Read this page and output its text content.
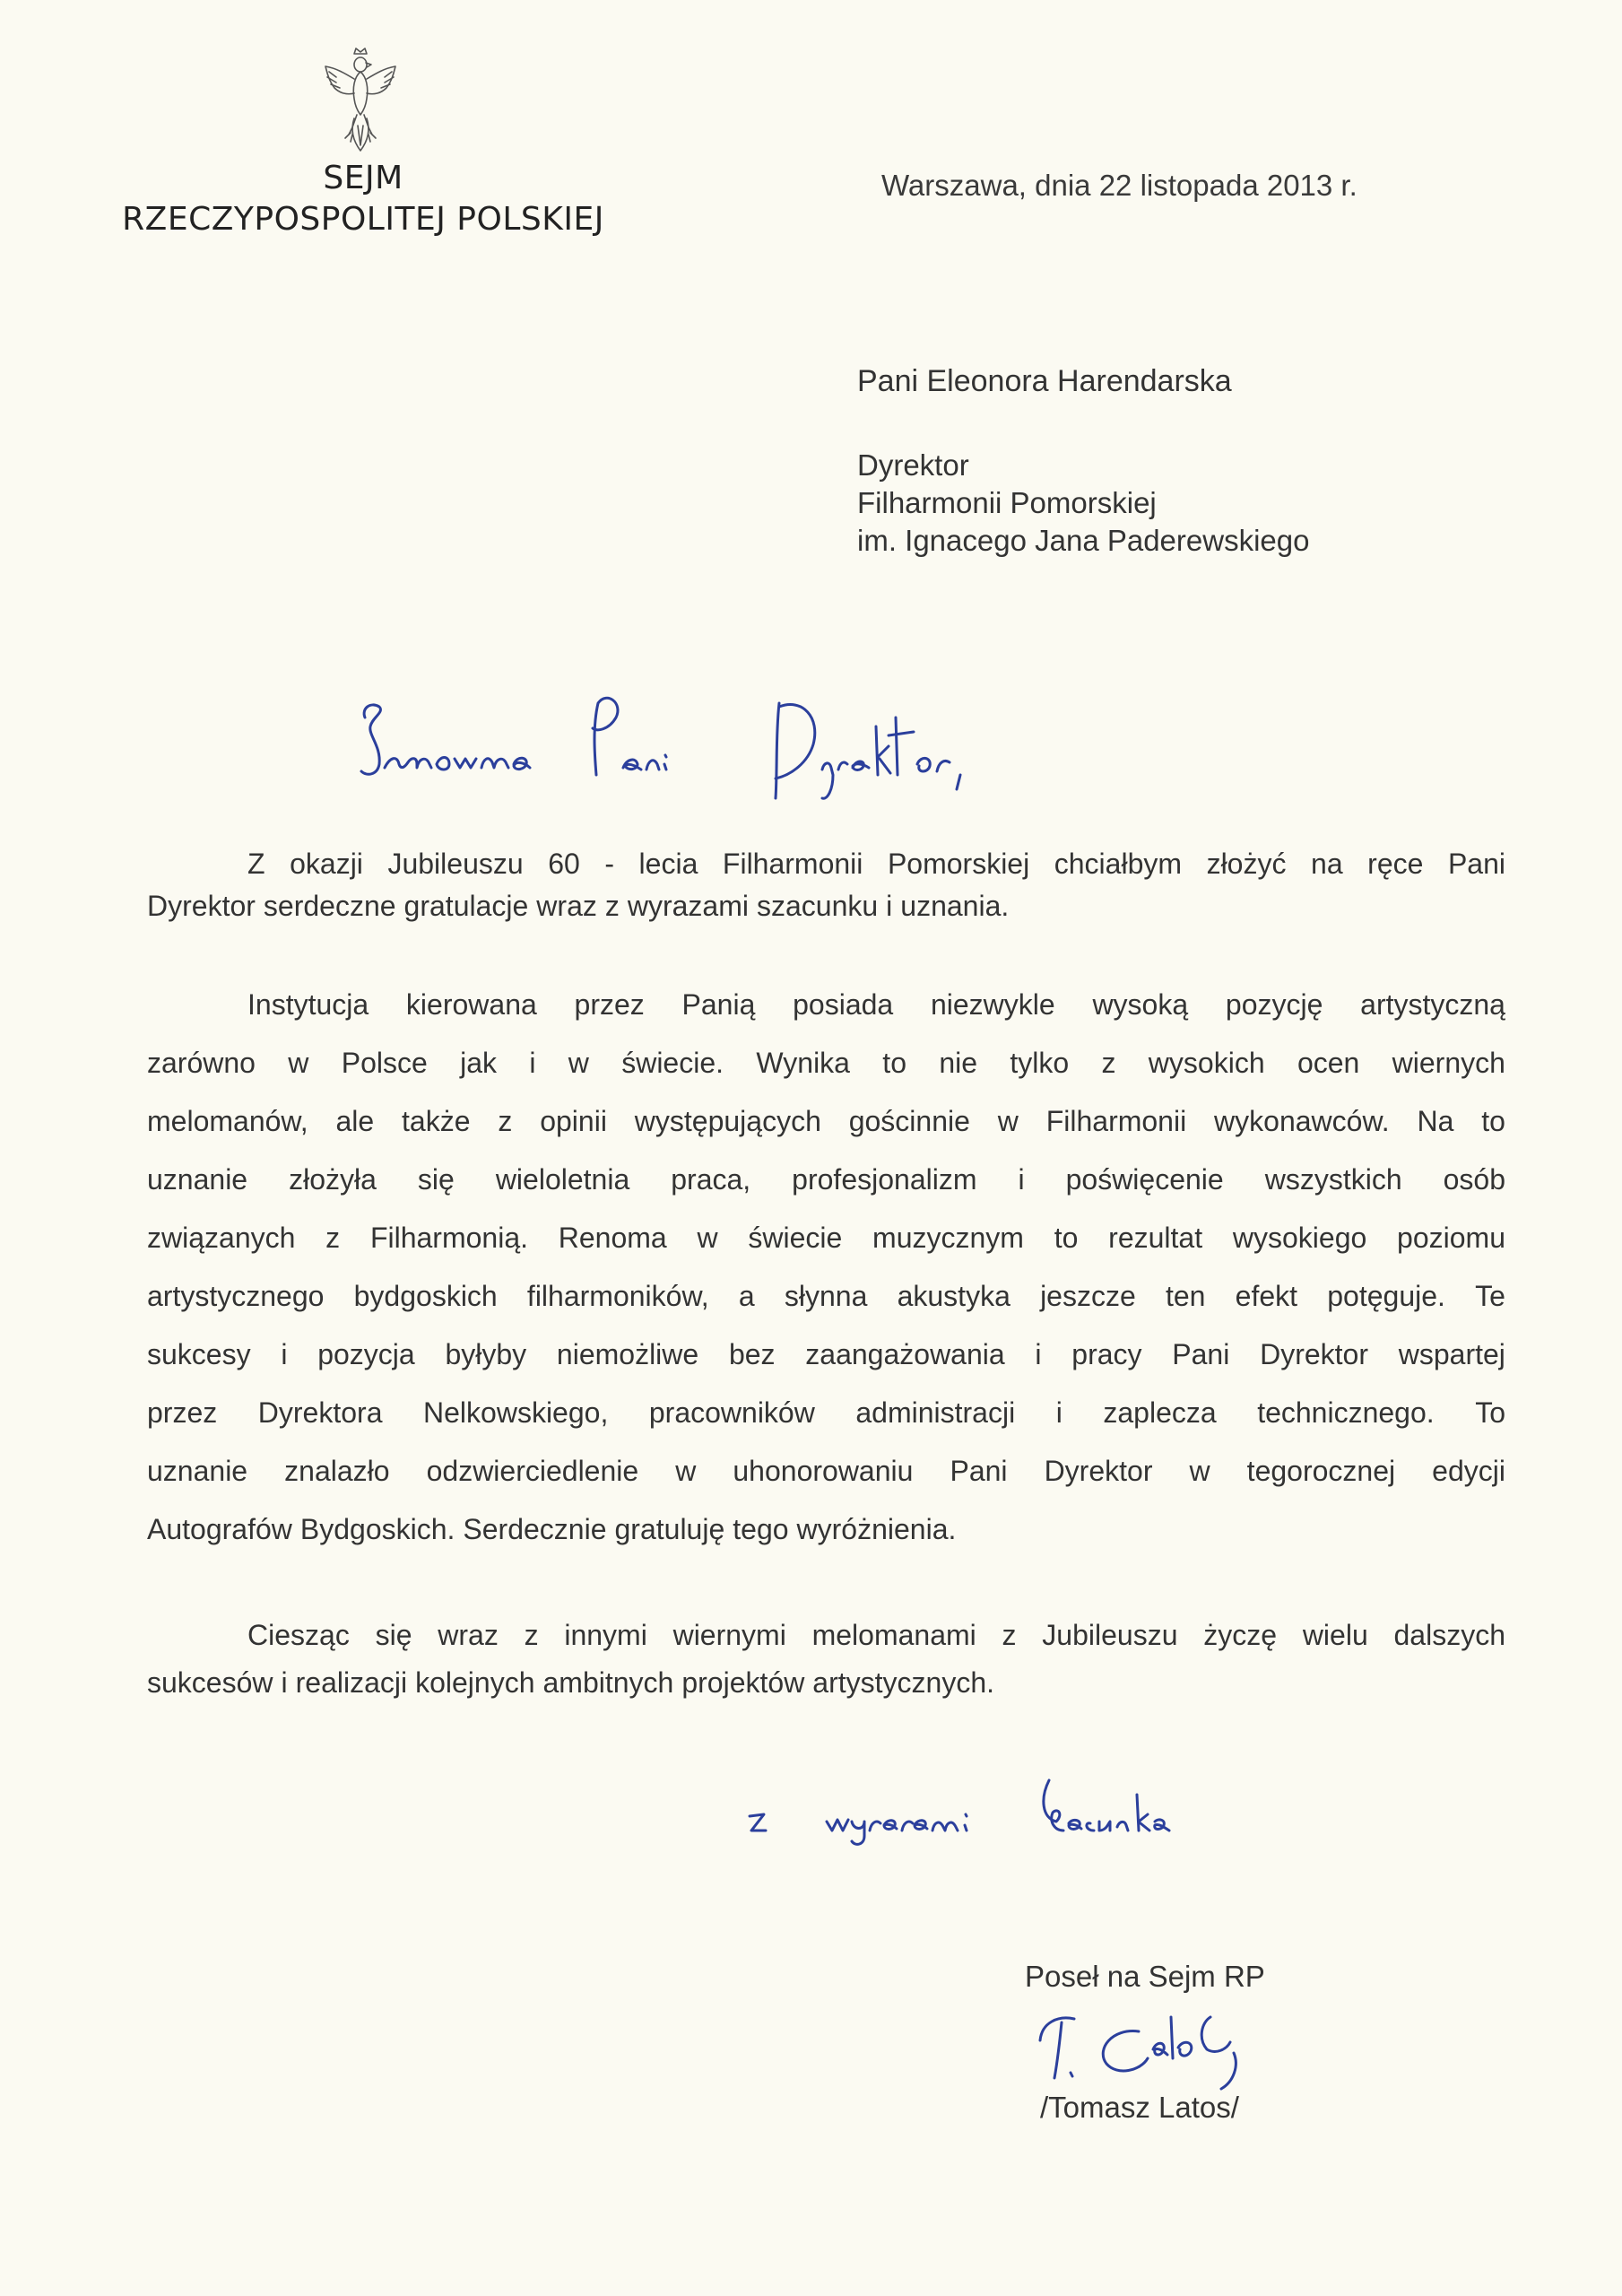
SEJM
RZECZYPOSPOLITEJ POLSKIEJ
Warszawa, dnia 22 listopada 2013 r.
Pani Eleonora Harendarska
Dyrektor
Filharmonii Pomorskiej
im. Ignacego Jana Paderewskiego
Z okazji Jubileuszu 60 - lecia Filharmonii Pomorskiej chciałbym złożyć na ręce Pani
Dyrektor serdeczne gratulacje wraz z wyrazami szacunku i uznania.
Instytucja kierowana przez Panią posiada niezwykle wysoką pozycję artystyczną
zarówno w Polsce jak i w świecie. Wynika to nie tylko z wysokich ocen wiernych
melomanów, ale także z opinii występujących gościnnie w Filharmonii wykonawców. Na to
uznanie złożyła się wieloletnia praca, profesjonalizm i poświęcenie wszystkich osób
związanych z Filharmonią. Renoma w świecie muzycznym to rezultat wysokiego poziomu
artystycznego bydgoskich filharmoników, a słynna akustyka jeszcze ten efekt potęguje. Te
sukcesy i pozycja byłyby niemożliwe bez zaangażowania i pracy Pani Dyrektor wspartej
przez Dyrektora Nelkowskiego, pracowników administracji i zaplecza technicznego. To
uznanie znalazło odzwierciedlenie w uhonorowaniu Pani Dyrektor w tegorocznej edycji
Autografów Bydgoskich. Serdecznie gratuluję tego wyróżnienia.
Ciesząc się wraz z innymi wiernymi melomanami z Jubileuszu życzę wielu dalszych
sukcesów i realizacji kolejnych ambitnych projektów artystycznych.
Poseł na Sejm RP
/Tomasz Latos/
